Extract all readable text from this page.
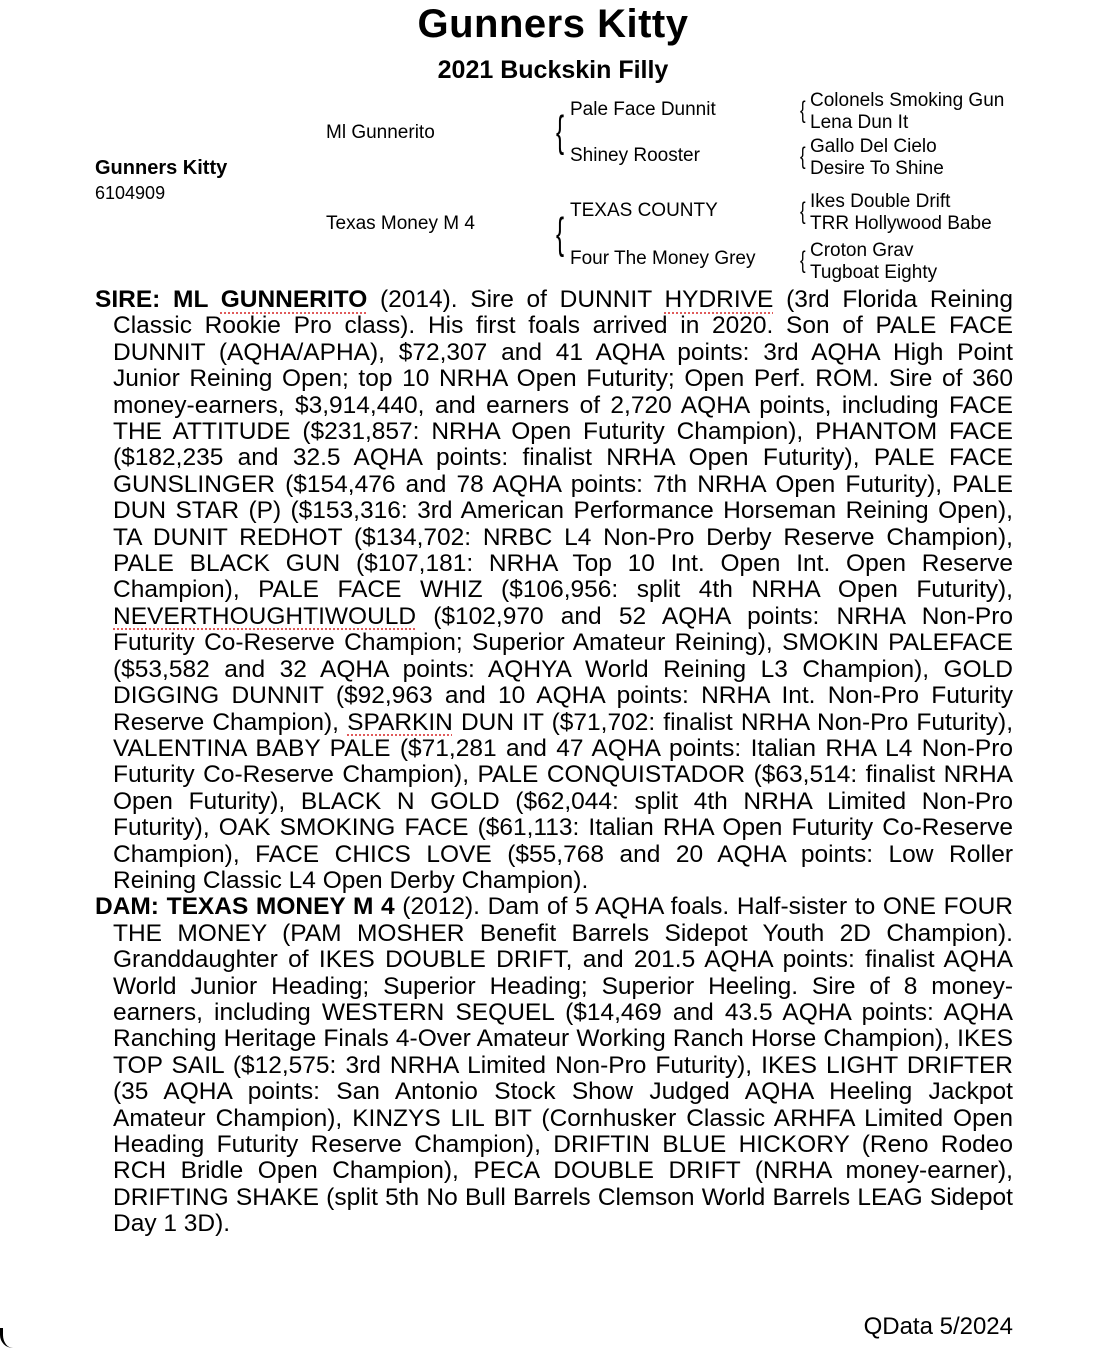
Gunners Kitty
2021 Buckskin Filly
Gunners Kitty
6104909
Ml Gunnerito
Texas Money M 4
{ Pale Face Dunnit
Shiney Rooster
{ TEXAS COUNTY
Four The Money Grey
{ Colonels Smoking Gun
Lena Dun It
{ Gallo Del Cielo
Desire To Shine
{ Ikes Double Drift
TRR Hollywood Babe
{ Croton Grav
Tugboat Eighty

SIRE: ML GUNNERITO (2014). Sire of DUNNIT HYDRIVE (3rd Florida Reining Classic Rookie Pro class). His first foals arrived in 2020. Son of PALE FACE DUNNIT (AQHA/APHA), $72,307 and 41 AQHA points: 3rd AQHA High Point Junior Reining Open; top 10 NRHA Open Futurity; Open Perf. ROM. Sire of 360 money-earners, $3,914,440, and earners of 2,720 AQHA points, including FACE THE ATTITUDE ($231,857: NRHA Open Futurity Champion), PHANTOM FACE ($182,235 and 32.5 AQHA points: finalist NRHA Open Futurity), PALE FACE GUNSLINGER ($154,476 and 78 AQHA points: 7th NRHA Open Futurity), PALE DUN STAR (P) ($153,316: 3rd American Performance Horseman Reining Open), TA DUNIT REDHOT ($134,702: NRBC L4 Non-Pro Derby Reserve Champion), PALE BLACK GUN ($107,181: NRHA Top 10 Int. Open Int. Open Reserve Champion), PALE FACE WHIZ ($106,956: split 4th NRHA Open Futurity), NEVERTHOUGHTIWOULD ($102,970 and 52 AQHA points: NRHA Non-Pro Futurity Co-Reserve Champion; Superior Amateur Reining), SMOKIN PALEFACE ($53,582 and 32 AQHA points: AQHYA World Reining L3 Champion), GOLD DIGGING DUNNIT ($92,963 and 10 AQHA points: NRHA Int. Non-Pro Futurity Reserve Champion), SPARKIN DUN IT ($71,702: finalist NRHA Non-Pro Futurity), VALENTINA BABY PALE ($71,281 and 47 AQHA points: Italian RHA L4 Non-Pro Futurity Co-Reserve Champion), PALE CONQUISTADOR ($63,514: finalist NRHA Open Futurity), BLACK N GOLD ($62,044: split 4th NRHA Limited Non-Pro Futurity), OAK SMOKING FACE ($61,113: Italian RHA Open Futurity Co-Reserve Champion), FACE CHICS LOVE ($55,768 and 20 AQHA points: Low Roller Reining Classic L4 Open Derby Champion).

DAM: TEXAS MONEY M 4 (2012). Dam of 5 AQHA foals. Half-sister to ONE FOUR THE MONEY (PAM MOSHER Benefit Barrels Sidepot Youth 2D Champion). Granddaughter of IKES DOUBLE DRIFT, and 201.5 AQHA points: finalist AQHA World Junior Heading; Superior Heading; Superior Heeling. Sire of 8 money-earners, including WESTERN SEQUEL ($14,469 and 43.5 AQHA points: AQHA Ranching Heritage Finals 4-Over Amateur Working Ranch Horse Champion), IKES TOP SAIL ($12,575: 3rd NRHA Limited Non-Pro Futurity), IKES LIGHT DRIFTER (35 AQHA points: San Antonio Stock Show Judged AQHA Heeling Jackpot Amateur Champion), KINZYS LIL BIT (Cornhusker Classic ARHFA Limited Open Heading Futurity Reserve Champion), DRIFTIN BLUE HICKORY (Reno Rodeo RCH Bridle Open Champion), PECA DOUBLE DRIFT (NRHA money-earner), DRIFTING SHAKE (split 5th No Bull Barrels Clemson World Barrels LEAG Sidepot Day 1 3D).

QData 5/2024
